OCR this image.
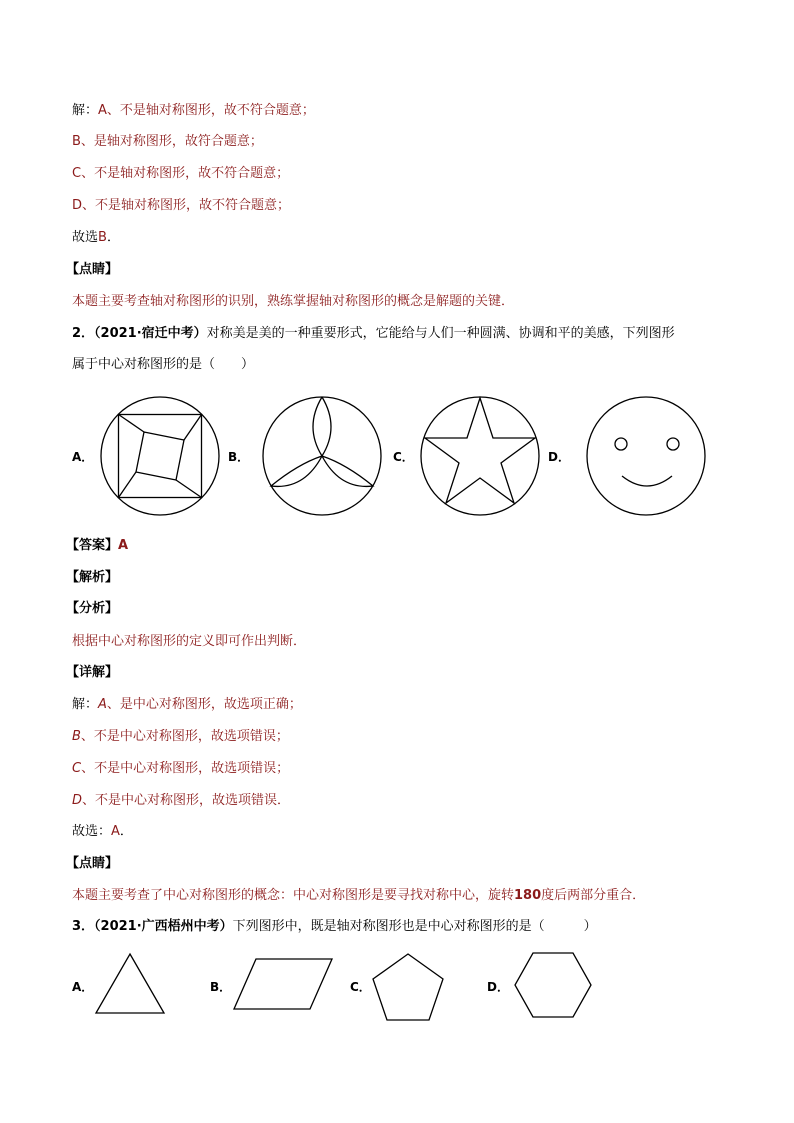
解：A、不是轴对称图形，故不符合题意；
B、是轴对称图形，故符合题意；
C、不是轴对称图形，故不符合题意；
D、不是轴对称图形，故不符合题意；
故选B．
【点睛】
本题主要考查轴对称图形的识别，熟练掌握轴对称图形的概念是解题的关键．
2．（2021·宿迁中考）对称美是美的一种重要形式，它能给与人们一种圆满、协调和平的美感，下列图形
属于中心对称图形的是（　　）
A．	B．	C．	D．
【答案】A
【解析】
【分析】
根据中心对称图形的定义即可作出判断．
【详解】
解：A、是中心对称图形，故选项正确；
B、不是中心对称图形，故选项错误；
C、不是中心对称图形，故选项错误；
D、不是中心对称图形，故选项错误．
故选：A．
【点睛】
本题主要考查了中心对称图形的概念：中心对称图形是要寻找对称中心，旋转180度后两部分重合．
3．（2021·广西梧州中考）下列图形中，既是轴对称图形也是中心对称图形的是（　　　）
A．	B．	C．	D．
